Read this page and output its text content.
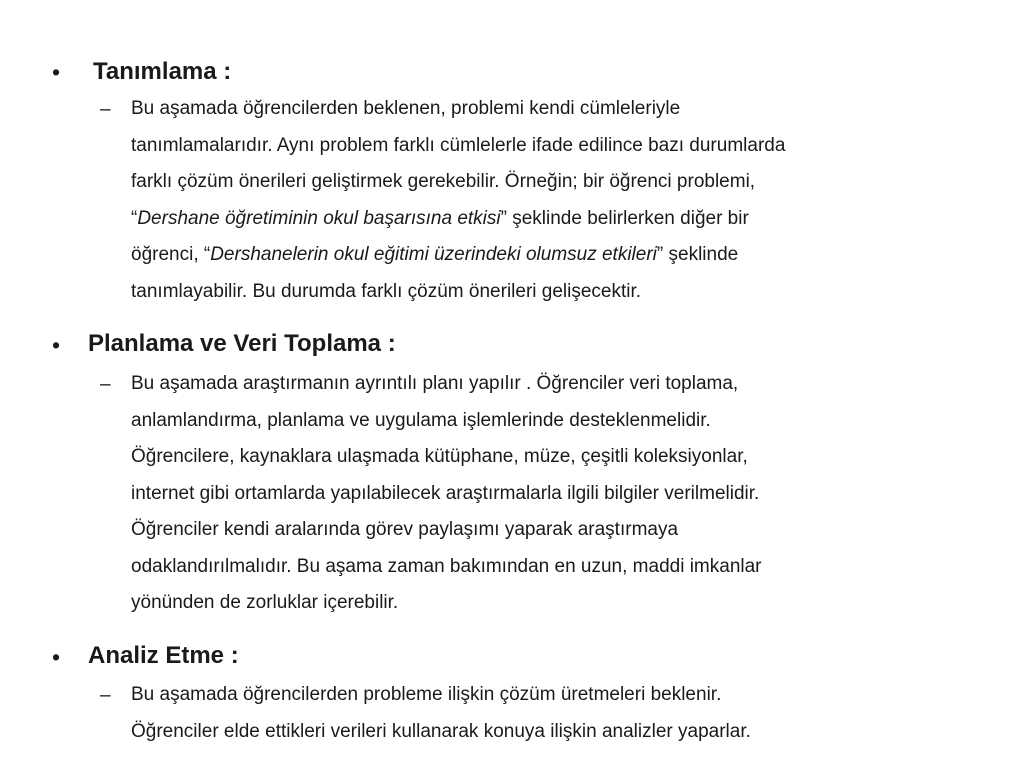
• Tanımlama :
– Bu aşamada öğrencilerden beklenen, problemi kendi cümleleriyle
tanımlamalarıdır. Aynı problem farklı cümlelerle ifade edilince bazı durumlarda
farklı çözüm önerileri geliştirmek gerekebilir. Örneğin; bir öğrenci problemi,
“Dershane öğretiminin okul başarısına etkisi” şeklinde belirlerken diğer bir
öğrenci, “Dershanelerin okul eğitimi üzerindeki olumsuz etkileri” şeklinde
tanımlayabilir. Bu durumda farklı çözüm önerileri gelişecektir.
• Planlama ve Veri Toplama :
– Bu aşamada araştırmanın ayrıntılı planı yapılır . Öğrenciler veri toplama,
anlamlandırma, planlama ve uygulama işlemlerinde desteklenmelidir.
Öğrencilere, kaynaklara ulaşmada kütüphane, müze, çeşitli koleksiyonlar,
internet gibi ortamlarda yapılabilecek araştırmalarla ilgili bilgiler verilmelidir.
Öğrenciler kendi aralarında görev paylaşımı yaparak araştırmaya
odaklandırılmalıdır. Bu aşama zaman bakımından en uzun, maddi imkanlar
yönünden de zorluklar içerebilir.
• Analiz Etme :
– Bu aşamada öğrencilerden probleme ilişkin çözüm üretmeleri beklenir.
Öğrenciler elde ettikleri verileri kullanarak konuya ilişkin analizler yaparlar.
